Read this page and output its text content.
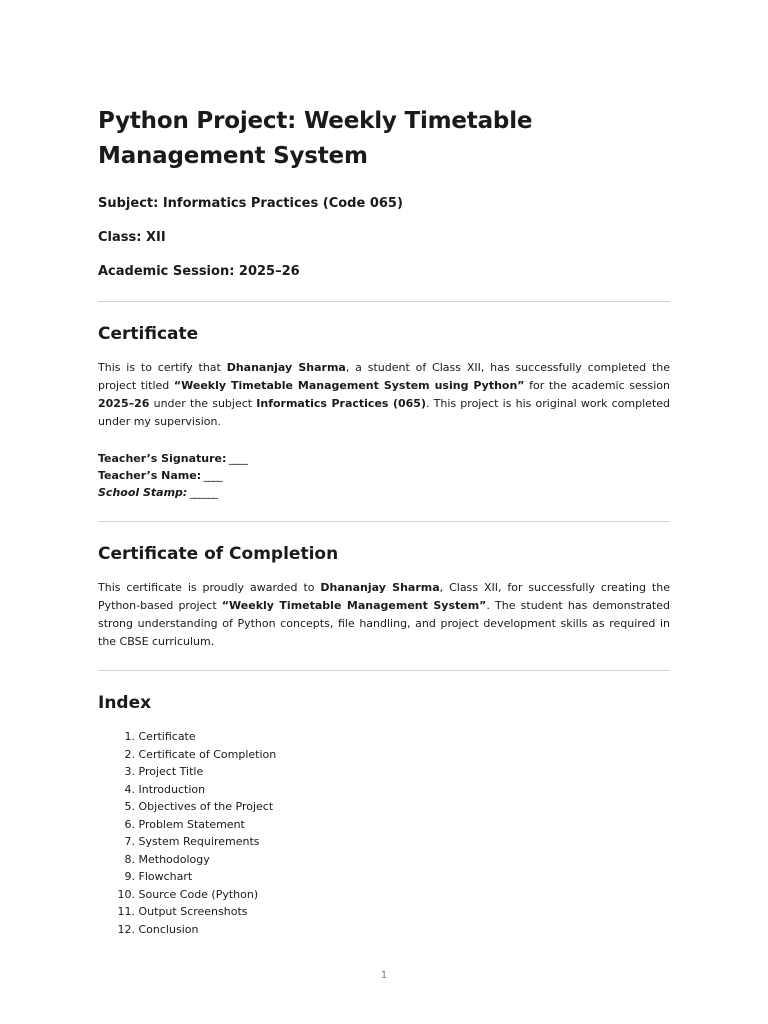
Python Project: Weekly Timetable Management System

Subject: Informatics Practices (Code 065)

Class: XII

Academic Session: 2025–26

Certificate

This is to certify that Dhananjay Sharma, a student of Class XII, has successfully completed the project titled “Weekly Timetable Management System using Python” for the academic session 2025–26 under the subject Informatics Practices (065). This project is his original work completed under my supervision.

Teacher’s Signature: ____

Teacher’s Name: ____

School Stamp: ______

Certificate of Completion

This certificate is proudly awarded to Dhananjay Sharma, Class XII, for successfully creating the Python-based project “Weekly Timetable Management System”. The student has demonstrated strong understanding of Python concepts, file handling, and project development skills as required in the CBSE curriculum.

Index
1.
Certificate
2.
Certificate of Completion
3.
Project Title
4.
Introduction
5.
Objectives of the Project
6.
Problem Statement
7.
System Requirements
8.
Methodology
9.
Flowchart
10.
Source Code (Python)
11.
Output Screenshots
12.
Conclusion
1
